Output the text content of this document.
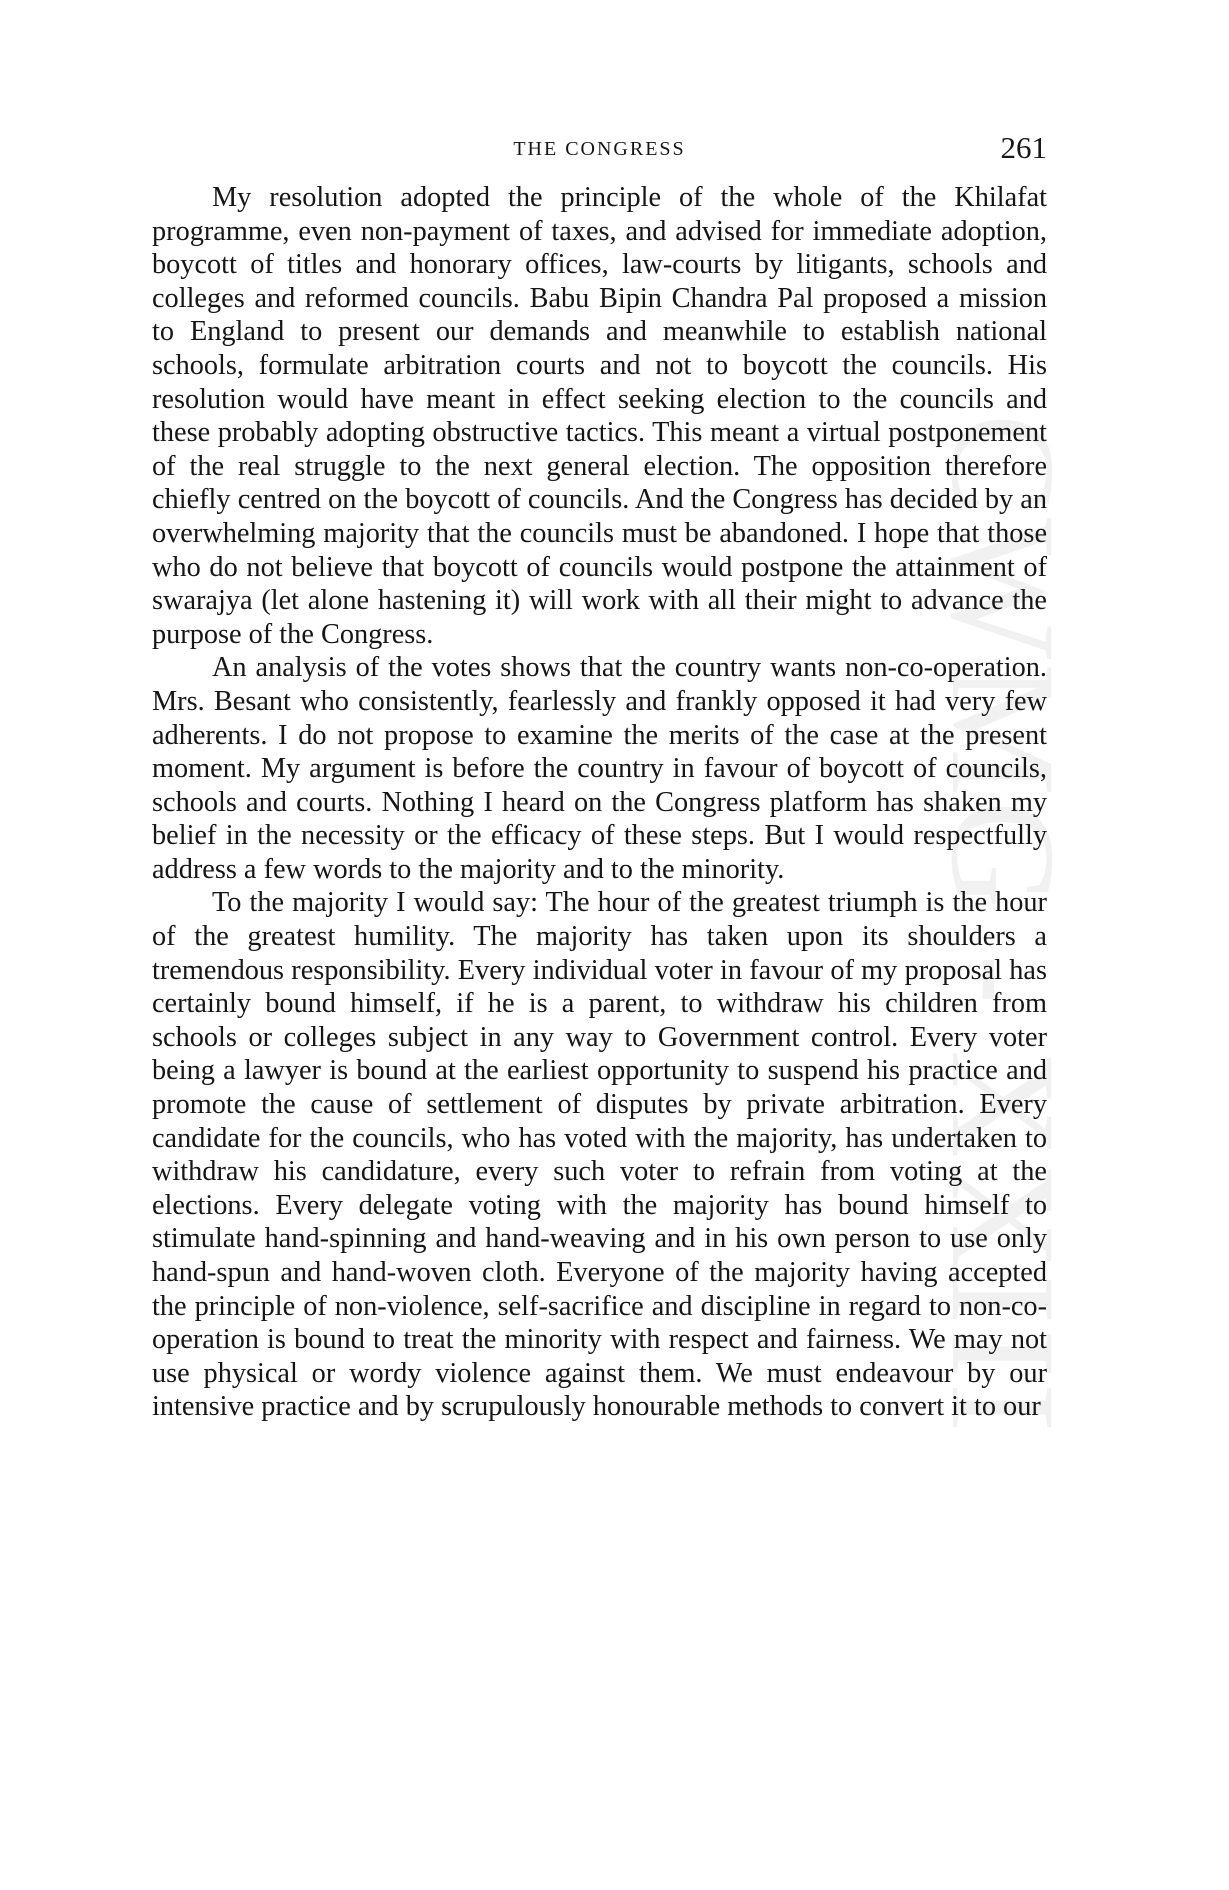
THE CONGRESS	261
CWMG - XXIII

My resolution adopted the principle of the whole of the Khilafat programme, even non-payment of taxes, and advised for immediate adoption, boycott of titles and honorary offices, law-courts by litigants, schools and colleges and reformed councils. Babu Bipin Chandra Pal proposed a mission to England to present our demands and meanwhile to establish national schools, formulate arbitration courts and not to boycott the councils. His resolution would have meant in effect seeking election to the councils and these probably adopting obstructive tactics. This meant a virtual postponement of the real struggle to the next general election. The opposition therefore chiefly centred on the boycott of councils. And the Congress has decided by an overwhelming majority that the councils must be abandoned. I hope that those who do not believe that boycott of councils would postpone the attainment of swarajya (let alone hastening it) will work with all their might to advance the purpose of the Congress.

An analysis of the votes shows that the country wants non-co-operation. Mrs. Besant who consistently, fearlessly and frankly opposed it had very few adherents. I do not propose to examine the merits of the case at the present moment. My argument is before the country in favour of boycott of councils, schools and courts. Nothing I heard on the Congress platform has shaken my belief in the necessity or the efficacy of these steps. But I would respectfully address a few words to the majority and to the minority.

To the majority I would say: The hour of the greatest triumph is the hour of the greatest humility. The majority has taken upon its shoulders a tremendous responsibility. Every individual voter in favour of my proposal has certainly bound himself, if he is a parent, to withdraw his children from schools or colleges subject in any way to Government control. Every voter being a lawyer is bound at the earliest opportunity to suspend his practice and promote the cause of settlement of disputes by private arbitration. Every candidate for the councils, who has voted with the majority, has undertaken to withdraw his candidature, every such voter to refrain from voting at the elections. Every delegate voting with the majority has bound himself to stimulate hand-spinning and hand-weaving and in his own person to use only hand-spun and hand-woven cloth. Everyone of the majority having accepted the principle of non-violence, self-sacrifice and discipline in regard to non-co-operation is bound to treat the minority with respect and fairness. We may not use physical or wordy violence against them. We must endeavour by our intensive practice and by scrupulously honourable methods to convert it to our
